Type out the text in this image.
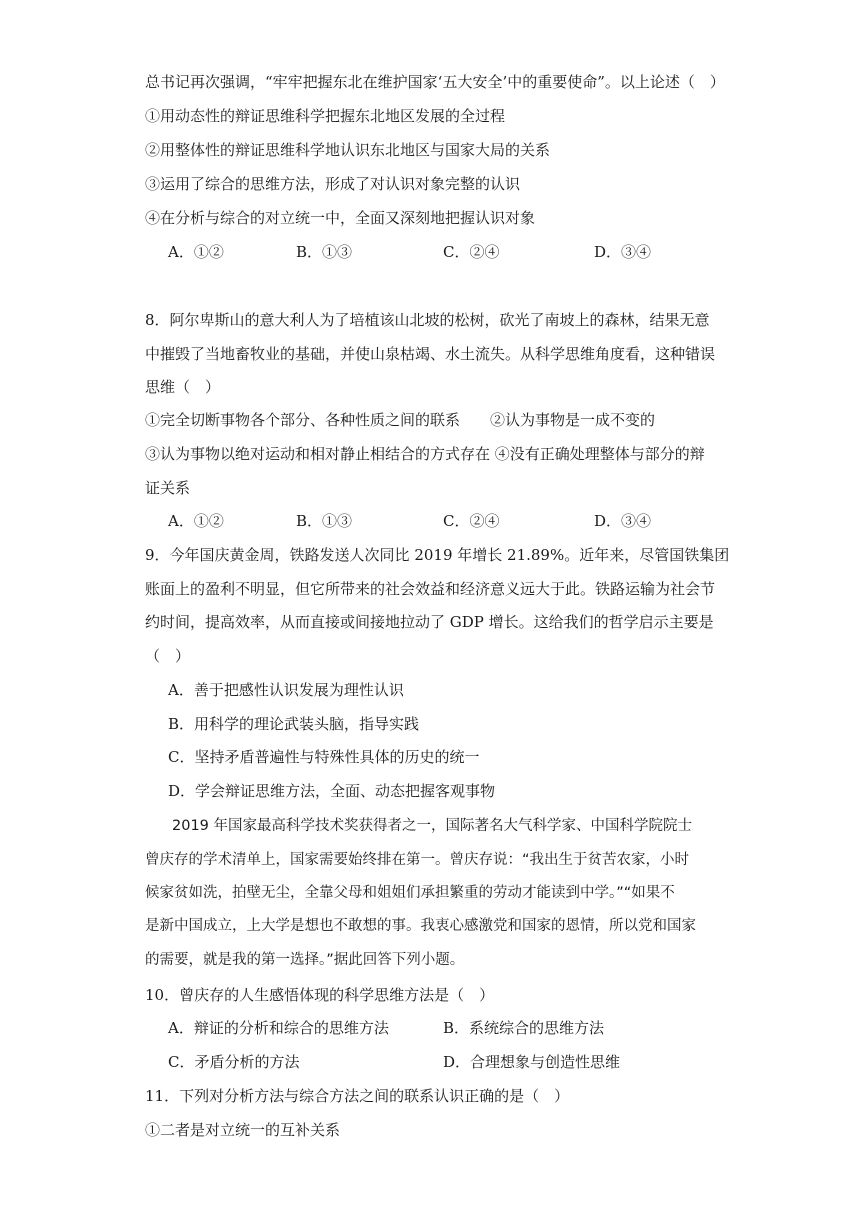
总书记再次强调，“牢牢把握东北在维护国家‘五大安全’中的重要使命”。以上论述（　）
①用动态性的辩证思维科学把握东北地区发展的全过程
②用整体性的辩证思维科学地认识东北地区与国家大局的关系
③运用了综合的思维方法，形成了对认识对象完整的认识
④在分析与综合的对立统一中，全面又深刻地把握认识对象
A．①②	B．①③	C．②④	D．③④
8．阿尔卑斯山的意大利人为了培植该山北坡的松树，砍光了南坡上的森林，结果无意
中摧毁了当地畜牧业的基础，并使山泉枯竭、水土流失。从科学思维角度看，这种错误
思维（　）
①完全切断事物各个部分、各种性质之间的联系　　②认为事物是一成不变的
③认为事物以绝对运动和相对静止相结合的方式存在 ④没有正确处理整体与部分的辩
证关系
A．①②	B．①③	C．②④	D．③④
9．今年国庆黄金周，铁路发送人次同比 2019 年增长 21.89%。近年来，尽管国铁集团
账面上的盈利不明显，但它所带来的社会效益和经济意义远大于此。铁路运输为社会节
约时间，提高效率，从而直接或间接地拉动了 GDP 增长。这给我们的哲学启示主要是
（　）
A．善于把感性认识发展为理性认识
B．用科学的理论武装头脑，指导实践
C．坚持矛盾普遍性与特殊性具体的历史的统一
D．学会辩证思维方法，全面、动态把握客观事物
2019 年国家最高科学技术奖获得者之一，国际著名大气科学家、中国科学院院士
曾庆存的学术清单上，国家需要始终排在第一。曾庆存说：“我出生于贫苦农家，小时
候家贫如洗，拍壁无尘，全靠父母和姐姐们承担繁重的劳动才能读到中学。”“如果不
是新中国成立，上大学是想也不敢想的事。我衷心感激党和国家的恩情，所以党和国家
的需要，就是我的第一选择。”据此回答下列小题。
10．曾庆存的人生感悟体现的科学思维方法是（　）
A．辩证的分析和综合的思维方法	B．系统综合的思维方法
C．矛盾分析的方法	D．合理想象与创造性思维
11．下列对分析方法与综合方法之间的联系认识正确的是（　）
①二者是对立统一的互补关系
